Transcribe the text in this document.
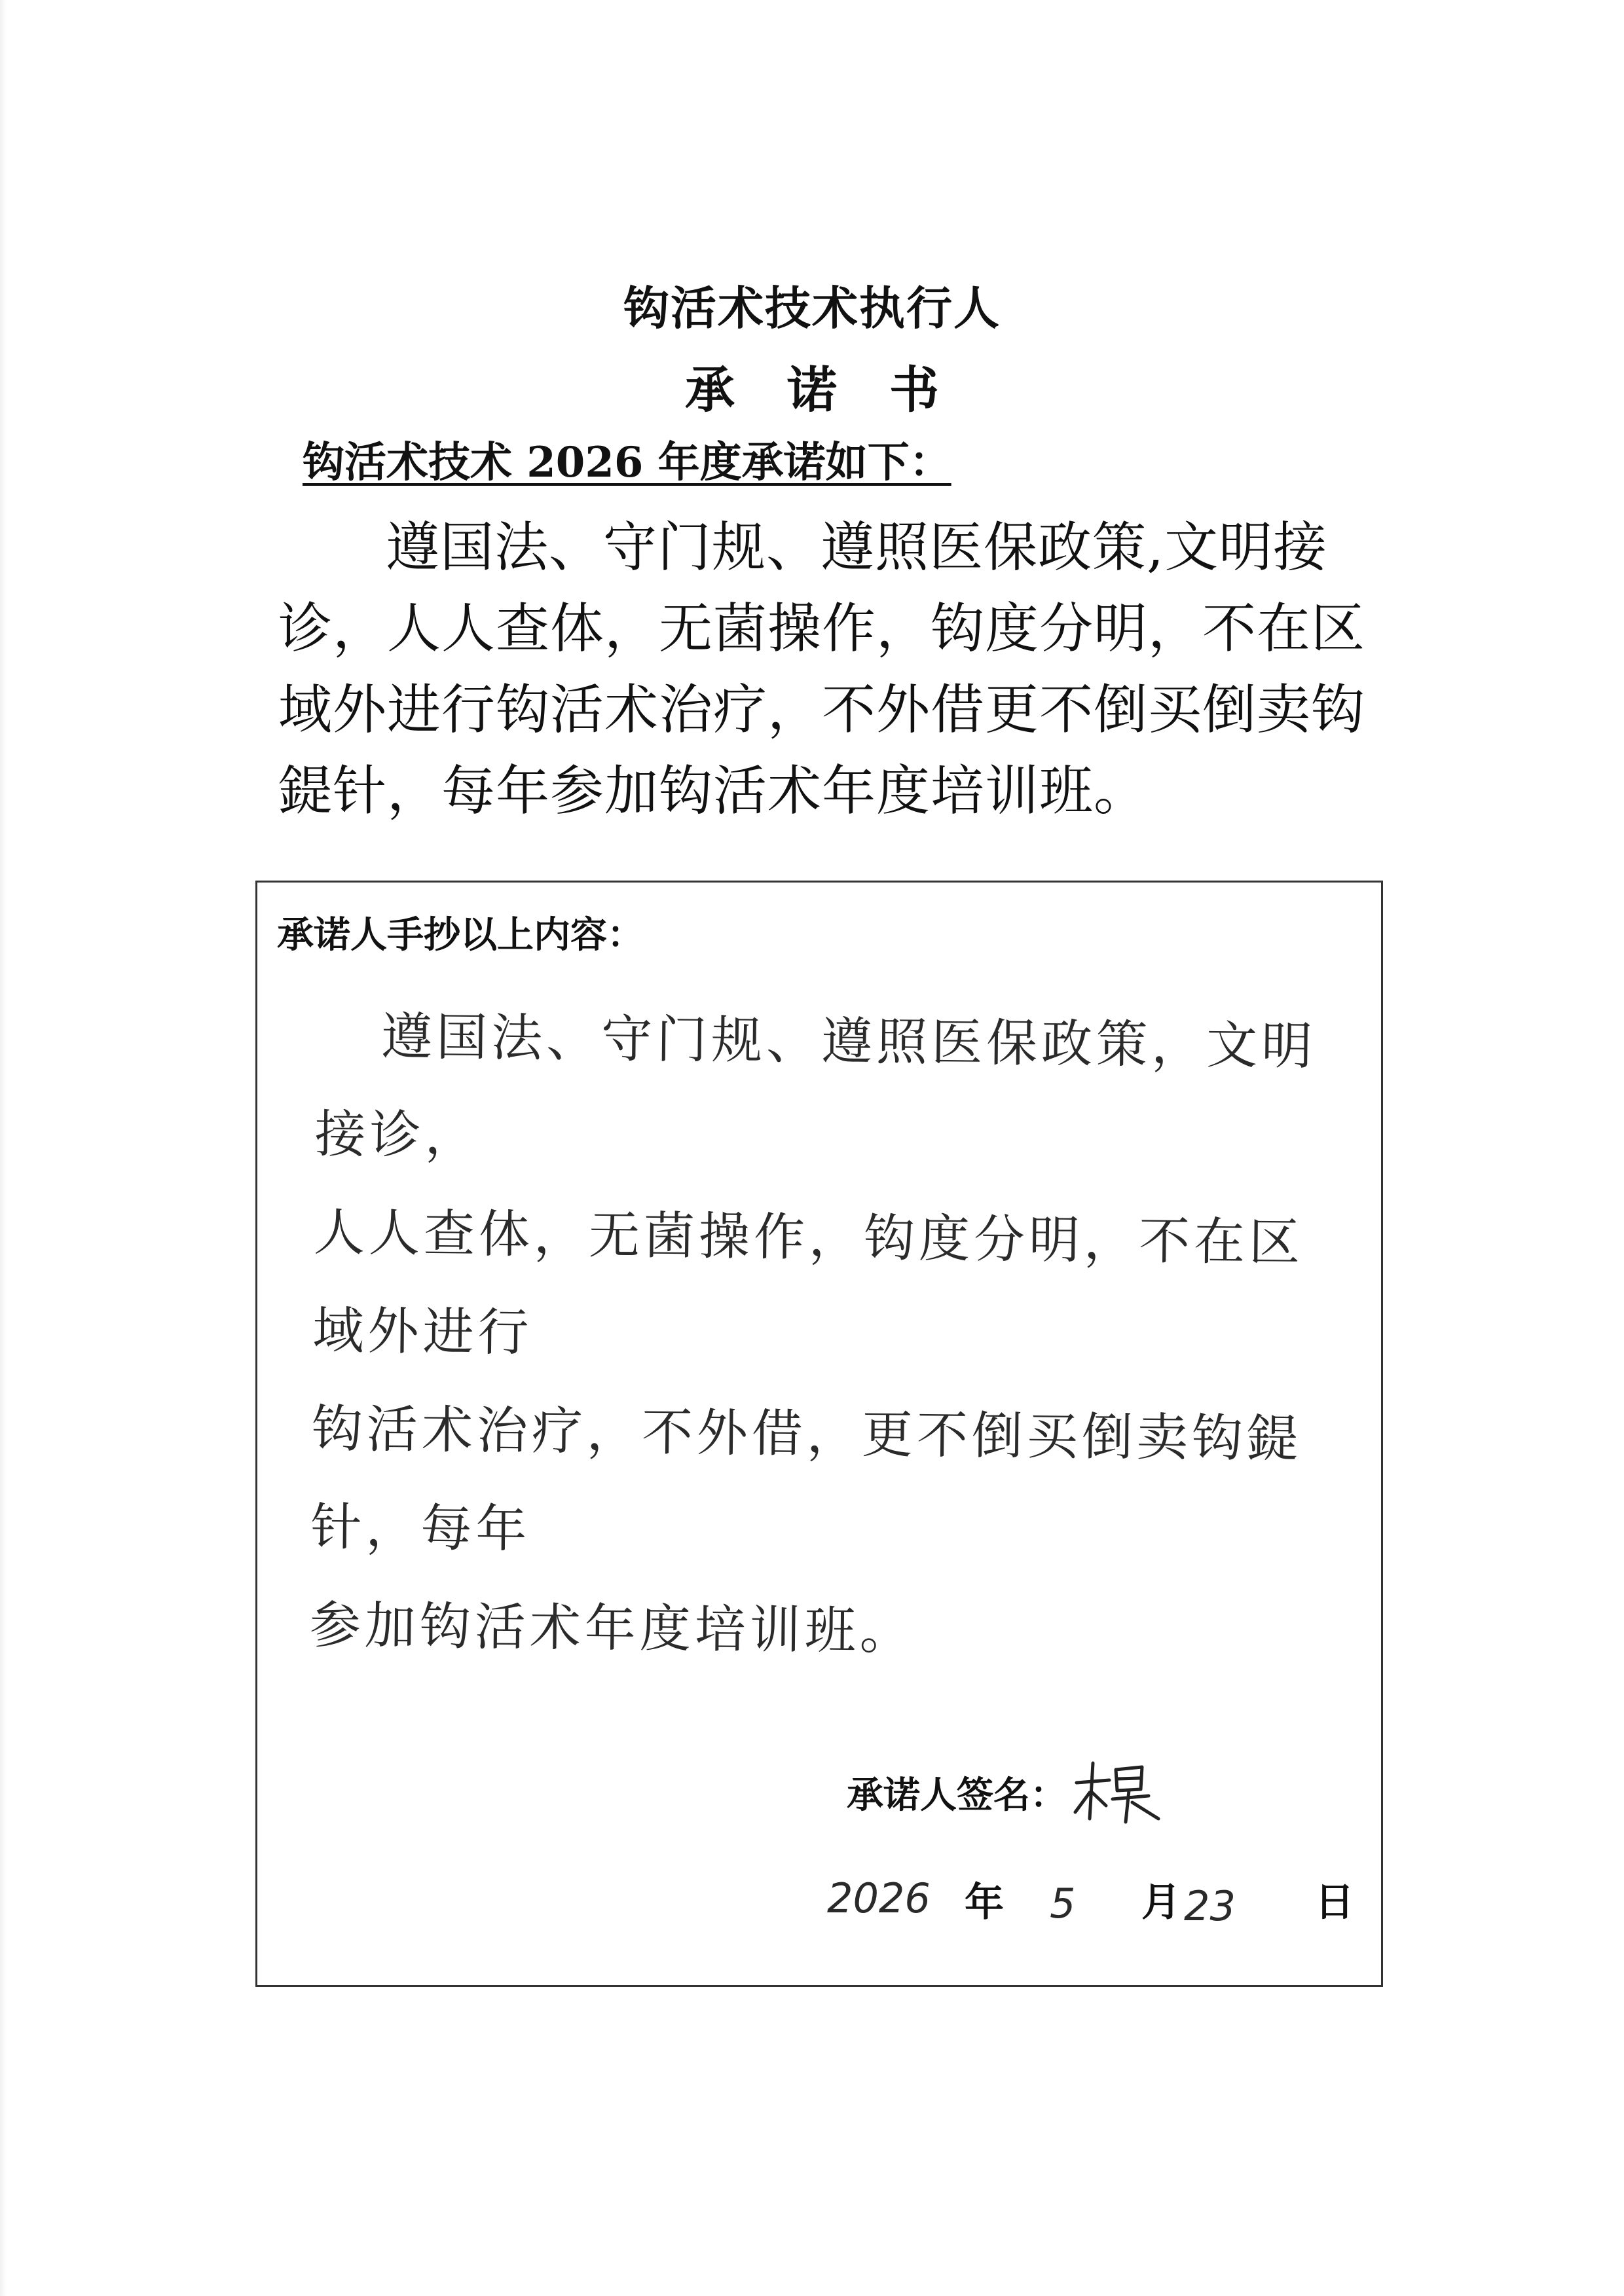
钩活术技术执行人
承诺书
钩活术技术 2026 年度承诺如下：
遵国法、守门规、遵照医保政策,文明接诊，人人查体，无菌操作，钩度分明，不在区域外进行钩活术治疗，不外借更不倒买倒卖钩鍉针，每年参加钩活术年度培训班。
承诺人手抄以上内容：
遵国法、守门规、遵照医保政策，文明接诊，
人人查体，无菌操作，钩度分明，不在区域外进行
钩活术治疗，不外借，更不倒买倒卖钩鍉针，每年
参加钩活术年度培训班。
承诺人签名：
2026 年 5 月 23 日
